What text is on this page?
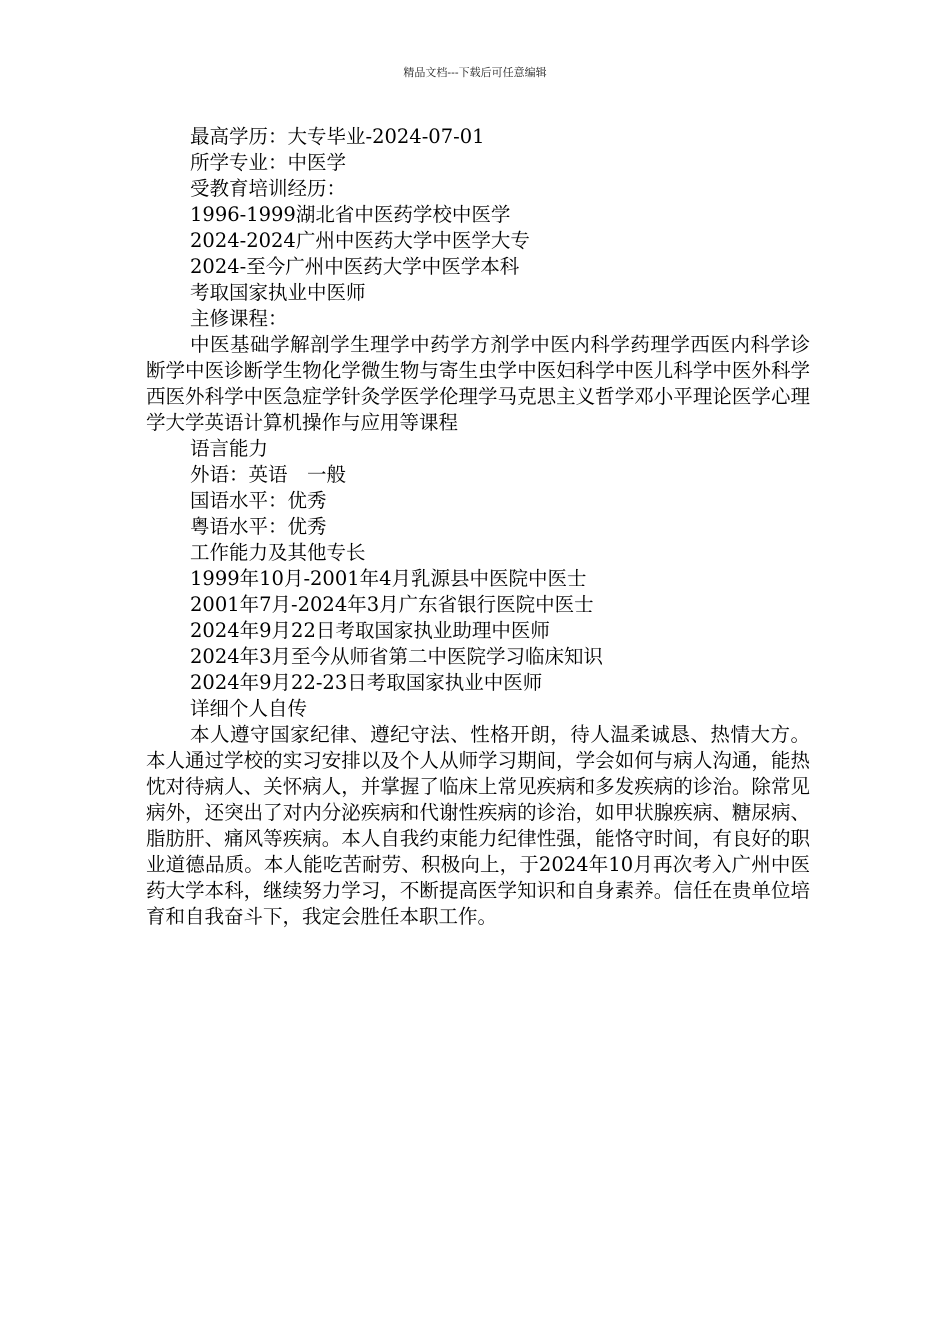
精品文档---下载后可任意编辑
最高学历：大专毕业-2024-07-01
所学专业：中医学
受教育培训经历：
1996-1999湖北省中医药学校中医学
2024-2024广州中医药大学中医学大专
2024-至今广州中医药大学中医学本科
考取国家执业中医师
主修课程：
中医基础学解剖学生理学中药学方剂学中医内科学药理学西医内科学诊断学中医诊断学生物化学微生物与寄生虫学中医妇科学中医儿科学中医外科学西医外科学中医急症学针灸学医学伦理学马克思主义哲学邓小平理论医学心理学大学英语计算机操作与应用等课程
语言能力
外语：英语　一般
国语水平：优秀
粤语水平：优秀
工作能力及其他专长
1999年10月-2001年4月乳源县中医院中医士
2001年7月-2024年3月广东省银行医院中医士
2024年9月22日考取国家执业助理中医师
2024年3月至今从师省第二中医院学习临床知识
2024年9月22-23日考取国家执业中医师
详细个人自传
本人遵守国家纪律、遵纪守法、性格开朗，待人温柔诚恳、热情大方。本人通过学校的实习安排以及个人从师学习期间，学会如何与病人沟通，能热忱对待病人、关怀病人，并掌握了临床上常见疾病和多发疾病的诊治。除常见病外，还突出了对内分泌疾病和代谢性疾病的诊治，如甲状腺疾病、糖尿病、脂肪肝、痛风等疾病。本人自我约束能力纪律性强，能恪守时间，有良好的职业道德品质。本人能吃苦耐劳、积极向上，于2024年10月再次考入广州中医药大学本科，继续努力学习，不断提高医学知识和自身素养。信任在贵单位培育和自我奋斗下，我定会胜任本职工作。
